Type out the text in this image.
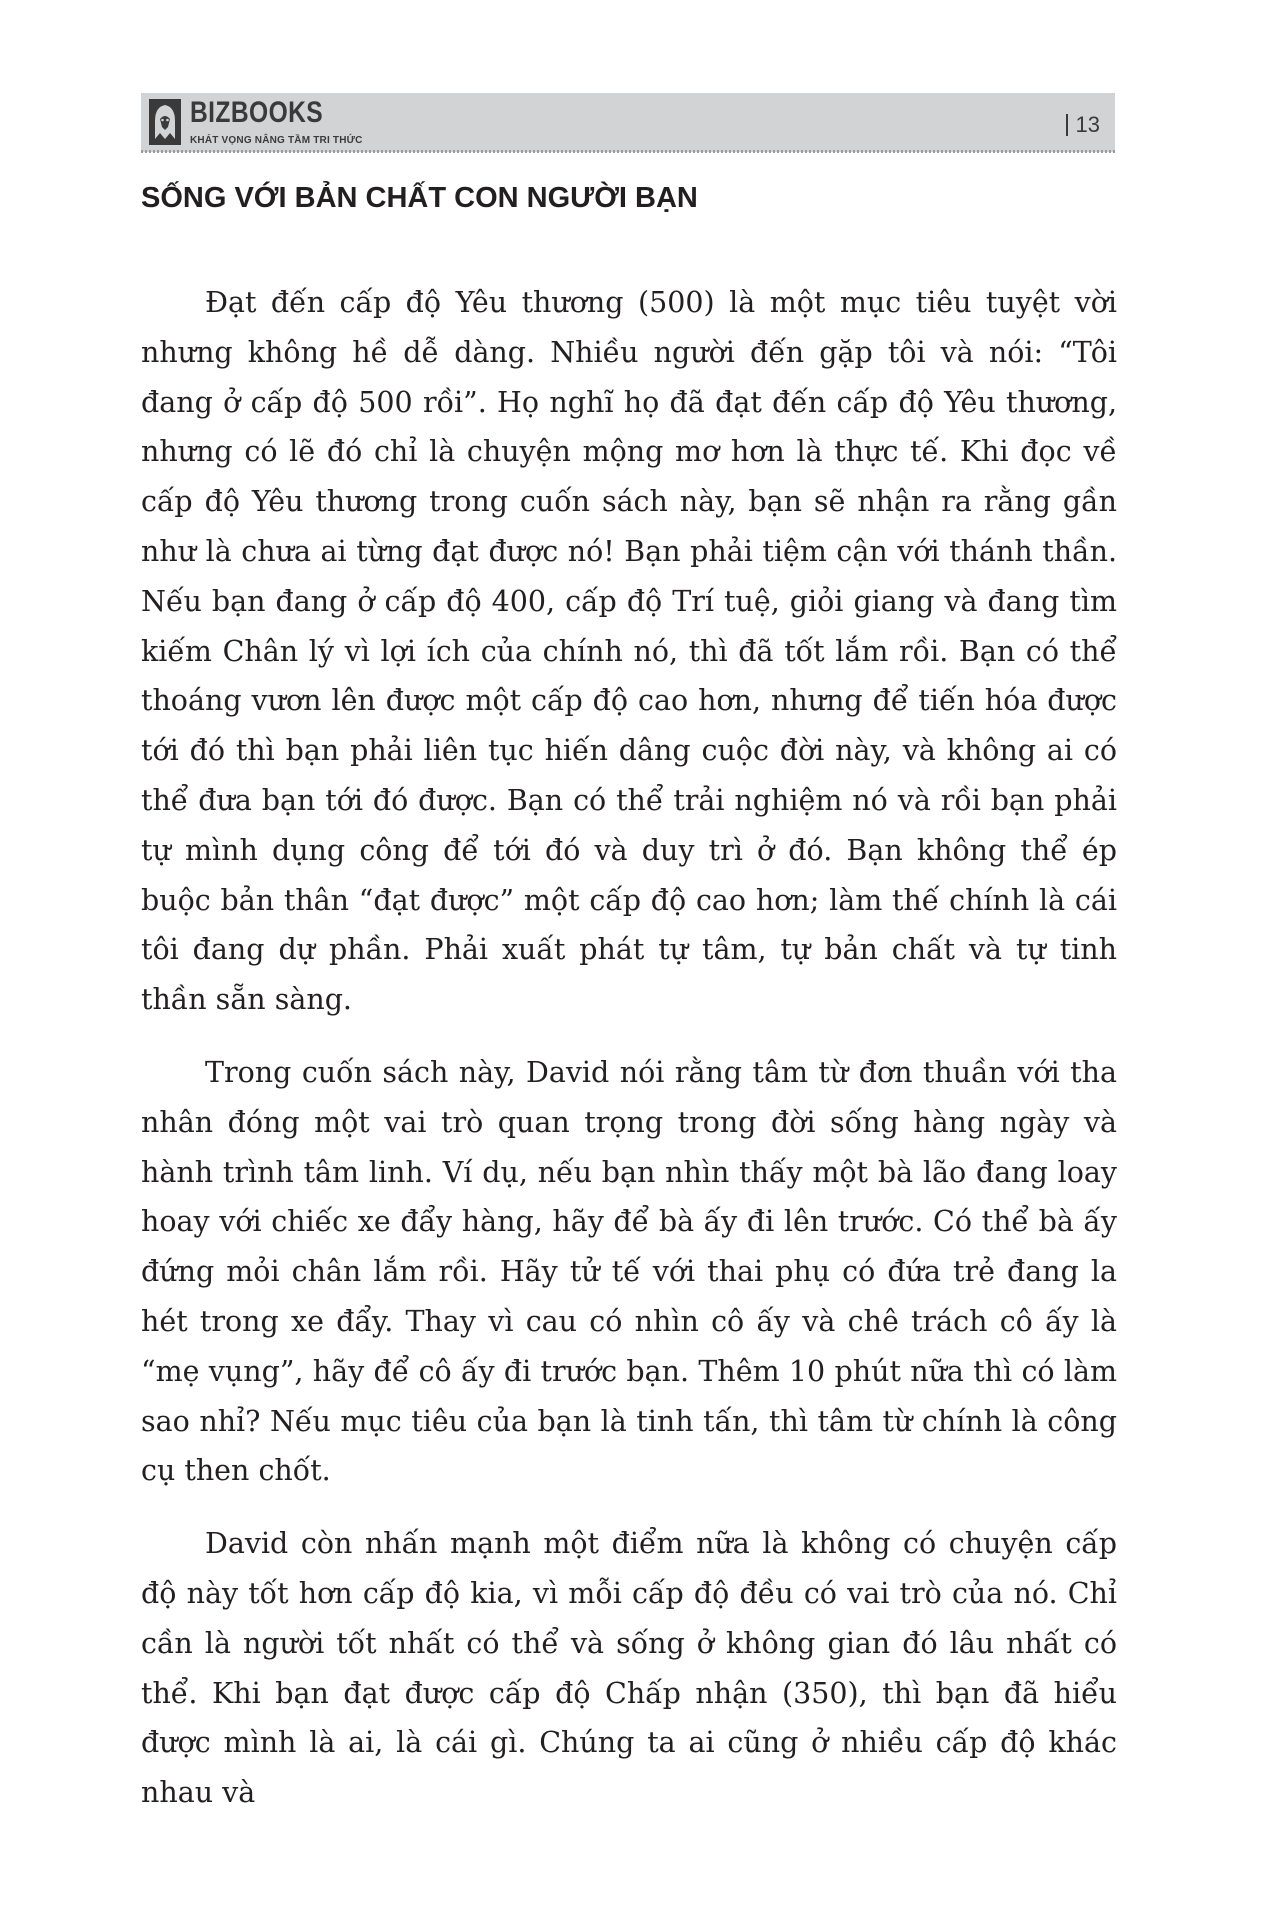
BIZBOOKS
KHÁT VỌNG NÂNG TẦM TRI THỨC
13
SỐNG VỚI BẢN CHẤT CON NGƯỜI BẠN

Đạt đến cấp độ Yêu thương (500) là một mục tiêu tuyệt vời nhưng không hề dễ dàng. Nhiều người đến gặp tôi và nói: “Tôi đang ở cấp độ 500 rồi”. Họ nghĩ họ đã đạt đến cấp độ Yêu thương, nhưng có lẽ đó chỉ là chuyện mộng mơ hơn là thực tế. Khi đọc về cấp độ Yêu thương trong cuốn sách này, bạn sẽ nhận ra rằng gần như là chưa ai từng đạt được nó! Bạn phải tiệm cận với thánh thần. Nếu bạn đang ở cấp độ 400, cấp độ Trí tuệ, giỏi giang và đang tìm kiếm Chân lý vì lợi ích của chính nó, thì đã tốt lắm rồi. Bạn có thể thoáng vươn lên được một cấp độ cao hơn, nhưng để tiến hóa được tới đó thì bạn phải liên tục hiến dâng cuộc đời này, và không ai có thể đưa bạn tới đó được. Bạn có thể trải nghiệm nó và rồi bạn phải tự mình dụng công để tới đó và duy trì ở đó. Bạn không thể ép buộc bản thân “đạt được” một cấp độ cao hơn; làm thế chính là cái tôi đang dự phần. Phải xuất phát tự tâm, tự bản chất và tự tinh thần sẵn sàng.

Trong cuốn sách này, David nói rằng tâm từ đơn thuần với tha nhân đóng một vai trò quan trọng trong đời sống hàng ngày và hành trình tâm linh. Ví dụ, nếu bạn nhìn thấy một bà lão đang loay hoay với chiếc xe đẩy hàng, hãy để bà ấy đi lên trước. Có thể bà ấy đứng mỏi chân lắm rồi. Hãy tử tế với thai phụ có đứa trẻ đang la hét trong xe đẩy. Thay vì cau có nhìn cô ấy và chê trách cô ấy là “mẹ vụng”, hãy để cô ấy đi trước bạn. Thêm 10 phút nữa thì có làm sao nhỉ? Nếu mục tiêu của bạn là tinh tấn, thì tâm từ chính là công cụ then chốt.

David còn nhấn mạnh một điểm nữa là không có chuyện cấp độ này tốt hơn cấp độ kia, vì mỗi cấp độ đều có vai trò của nó. Chỉ cần là người tốt nhất có thể và sống ở không gian đó lâu nhất có thể. Khi bạn đạt được cấp độ Chấp nhận (350), thì bạn đã hiểu được mình là ai, là cái gì. Chúng ta ai cũng ở nhiều cấp độ khác nhau và
